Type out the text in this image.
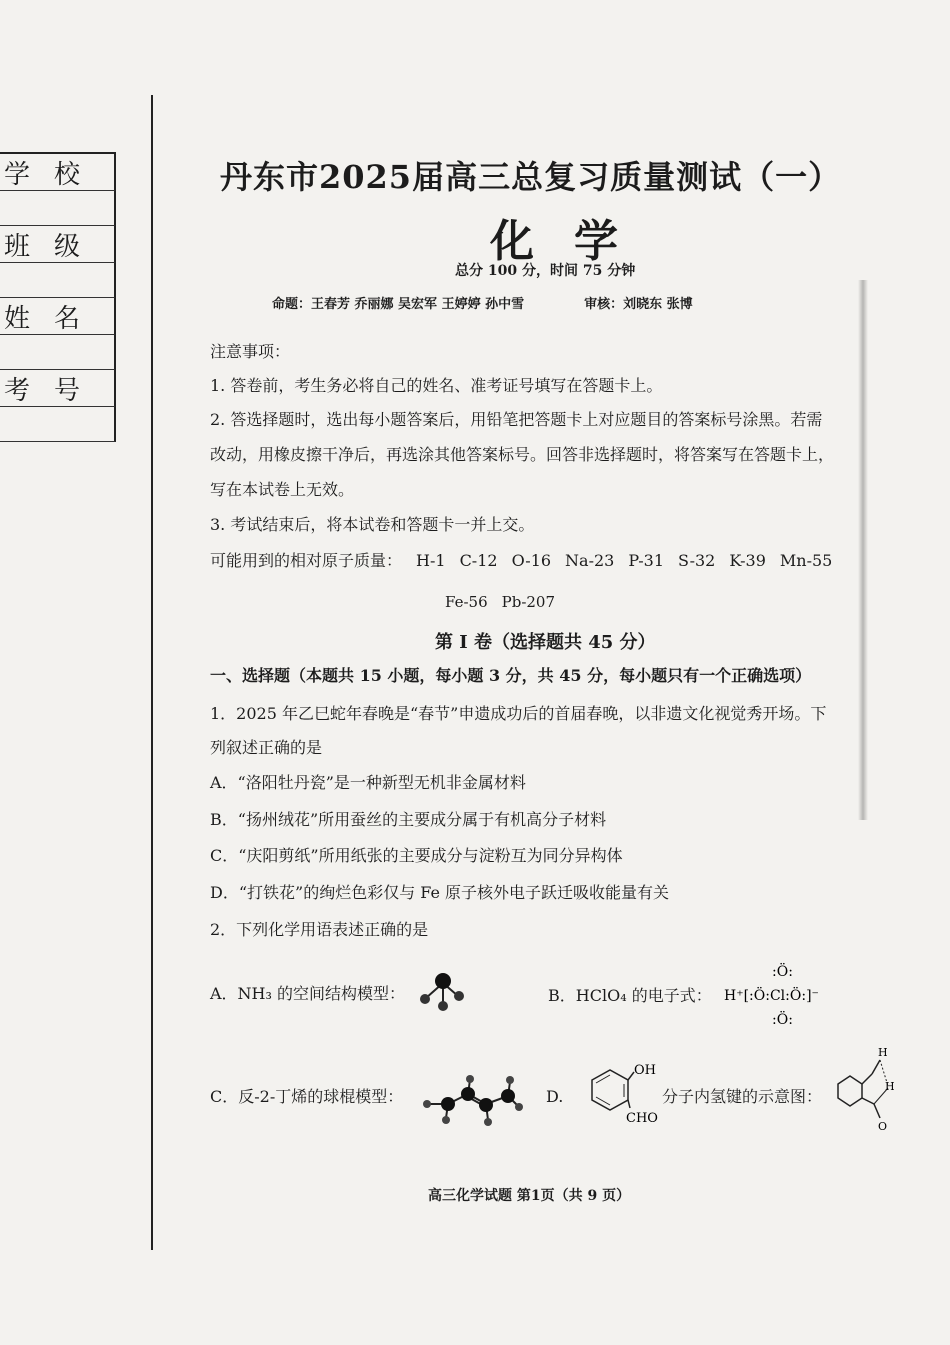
学校
班级
姓名
考号
丹东市2025届高三总复习质量测试（一）
化学
总分 100 分，时间 75 分钟
命题：王春芳 乔丽娜 吴宏军 王婷婷 孙中雪	审核：刘晓东 张博
注意事项：
1. 答卷前，考生务必将自己的姓名、准考证号填写在答题卡上。
2. 答选择题时，选出每小题答案后，用铅笔把答题卡上对应题目的答案标号涂黑。若需
改动，用橡皮擦干净后，再选涂其他答案标号。回答非选择题时，将答案写在答题卡上，
写在本试卷上无效。
3. 考试结束后，将本试卷和答题卡一并上交。
可能用到的相对原子质量： H-1 C-12 O-16 Na-23 P-31 S-32 K-39 Mn-55
Fe-56 Pb-207
第 Ⅰ 卷（选择题共 45 分）
一、选择题（本题共 15 小题，每小题 3 分，共 45 分，每小题只有一个正确选项）
1．2025 年乙巳蛇年春晚是“春节”申遗成功后的首届春晚，以非遗文化视觉秀开场。下
列叙述正确的是
A．“洛阳牡丹瓷”是一种新型无机非金属材料
B．“扬州绒花”所用蚕丝的主要成分属于有机高分子材料
C．“庆阳剪纸”所用纸张的主要成分与淀粉互为同分异构体
D．“打铁花”的绚烂色彩仅与 Fe 原子核外电子跃迁吸收能量有关
2．下列化学用语表述正确的是
A．NH₃ 的空间结构模型：	B．HClO₄ 的电子式： H⁺[:Ö:Cl:Ö:]⁻
:Ö:
:Ö:
C．反-2-丁烯的球棍模型：	D.
OH
CHO
分子内氢键的示意图：
H
H
O
高三化学试题 第1页（共 9 页）
